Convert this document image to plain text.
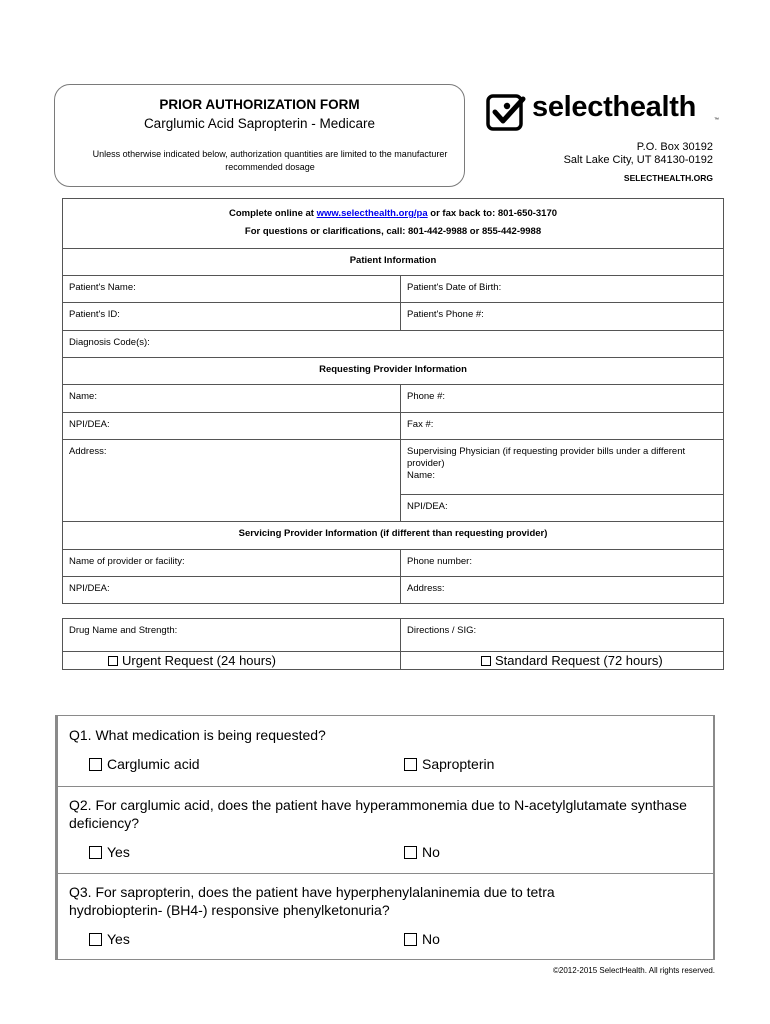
PRIOR AUTHORIZATION FORM
Carglumic Acid Sapropterin - Medicare
Unless otherwise indicated below, authorization quantities are limited to the manufacturer recommended dosage
selecthealth	™
P.O. Box 30192
Salt Lake City, UT 84130-0192
SELECTHEALTH.ORG
Complete online at www.selecthealth.org/pa or fax back to: 801-650-3170
For questions or clarifications, call: 801-442-9988 or 855-442-9988	

Patient Information	
Patient's Name:	Patient's Date of Birth:
Patient's ID:	Patient's Phone #:
Diagnosis Code(s):	
Requesting Provider Information	
Name:	Phone #:
NPI/DEA:	Fax #:
Address:	Supervising Physician (if requesting provider bills under a different provider)
Name:

	NPI/DEA:
Servicing Provider Information (if different than requesting provider)	
Name of provider or facility:	Phone number:
NPI/DEA:	Address:
Drug Name and Strength:	Directions / SIG:
Urgent Request (24 hours)	Standard Request (72 hours)
Q1. What medication is being requested?
Carglumic acid	Sapropterin
Q2. For carglumic acid, does the patient have hyperammonemia due to N-acetylglutamate synthase deficiency?
Yes	No
Q3. For sapropterin, does the patient have hyperphenylalaninemia due to tetra hydrobiopterin- (BH4-) responsive phenylketonuria?
Yes	No
©2012-2015 SelectHealth. All rights reserved.
